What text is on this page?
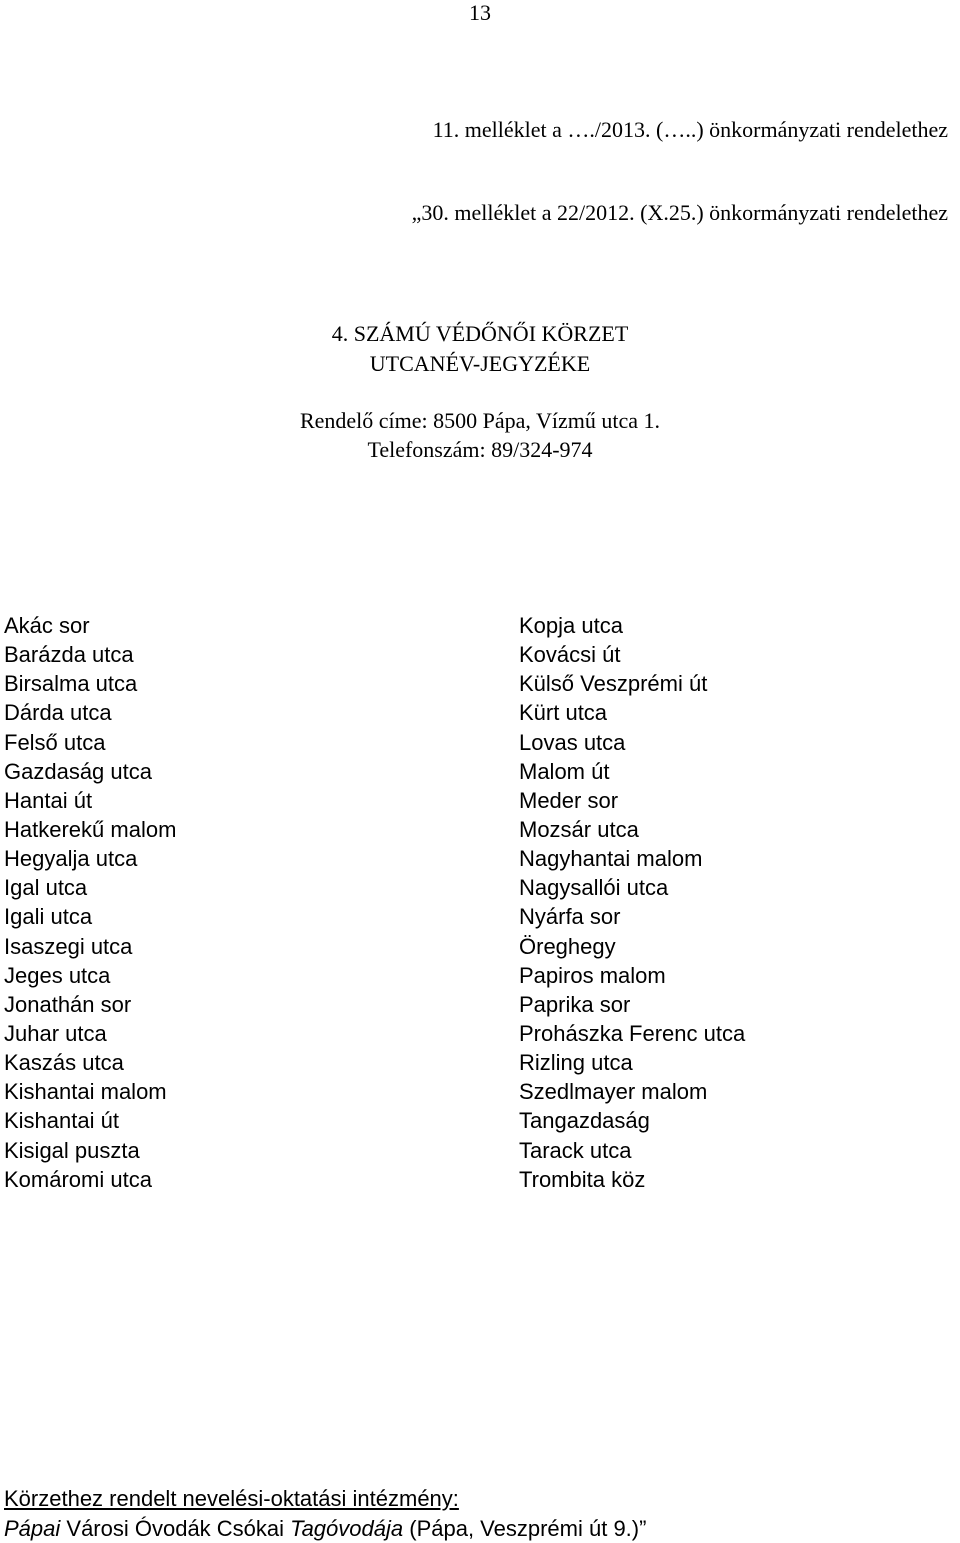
13
11. melléklet a …./2013. (…..) önkormányzati rendelethez
„30. melléklet a 22/2012. (X.25.) önkormányzati rendelethez
4. SZÁMÚ VÉDŐNŐI KÖRZET
UTCANÉV-JEGYZÉKE
Rendelő címe: 8500 Pápa, Vízmű utca 1.
Telefonszám: 89/324-974
Akác sor
Barázda utca
Birsalma utca
Dárda utca
Felső utca
Gazdaság utca
Hantai út
Hatkerekű malom
Hegyalja utca
Igal utca
Igali utca
Isaszegi utca
Jeges utca
Jonathán sor
Juhar utca
Kaszás utca
Kishantai malom
Kishantai út
Kisigal puszta
Komáromi utca
Kopja utca
Kovácsi út
Külső Veszprémi út
Kürt utca
Lovas utca
Malom út
Meder sor
Mozsár utca
Nagyhantai malom
Nagysallói utca
Nyárfa sor
Öreghegy
Papiros malom
Paprika sor
Prohászka Ferenc utca
Rizling utca
Szedlmayer malom
Tangazdaság
Tarack utca
Trombita köz
Körzethez rendelt nevelési-oktatási intézmény:
Pápai Városi Óvodák Csókai Tagóvodája (Pápa, Veszprémi út 9.)”
